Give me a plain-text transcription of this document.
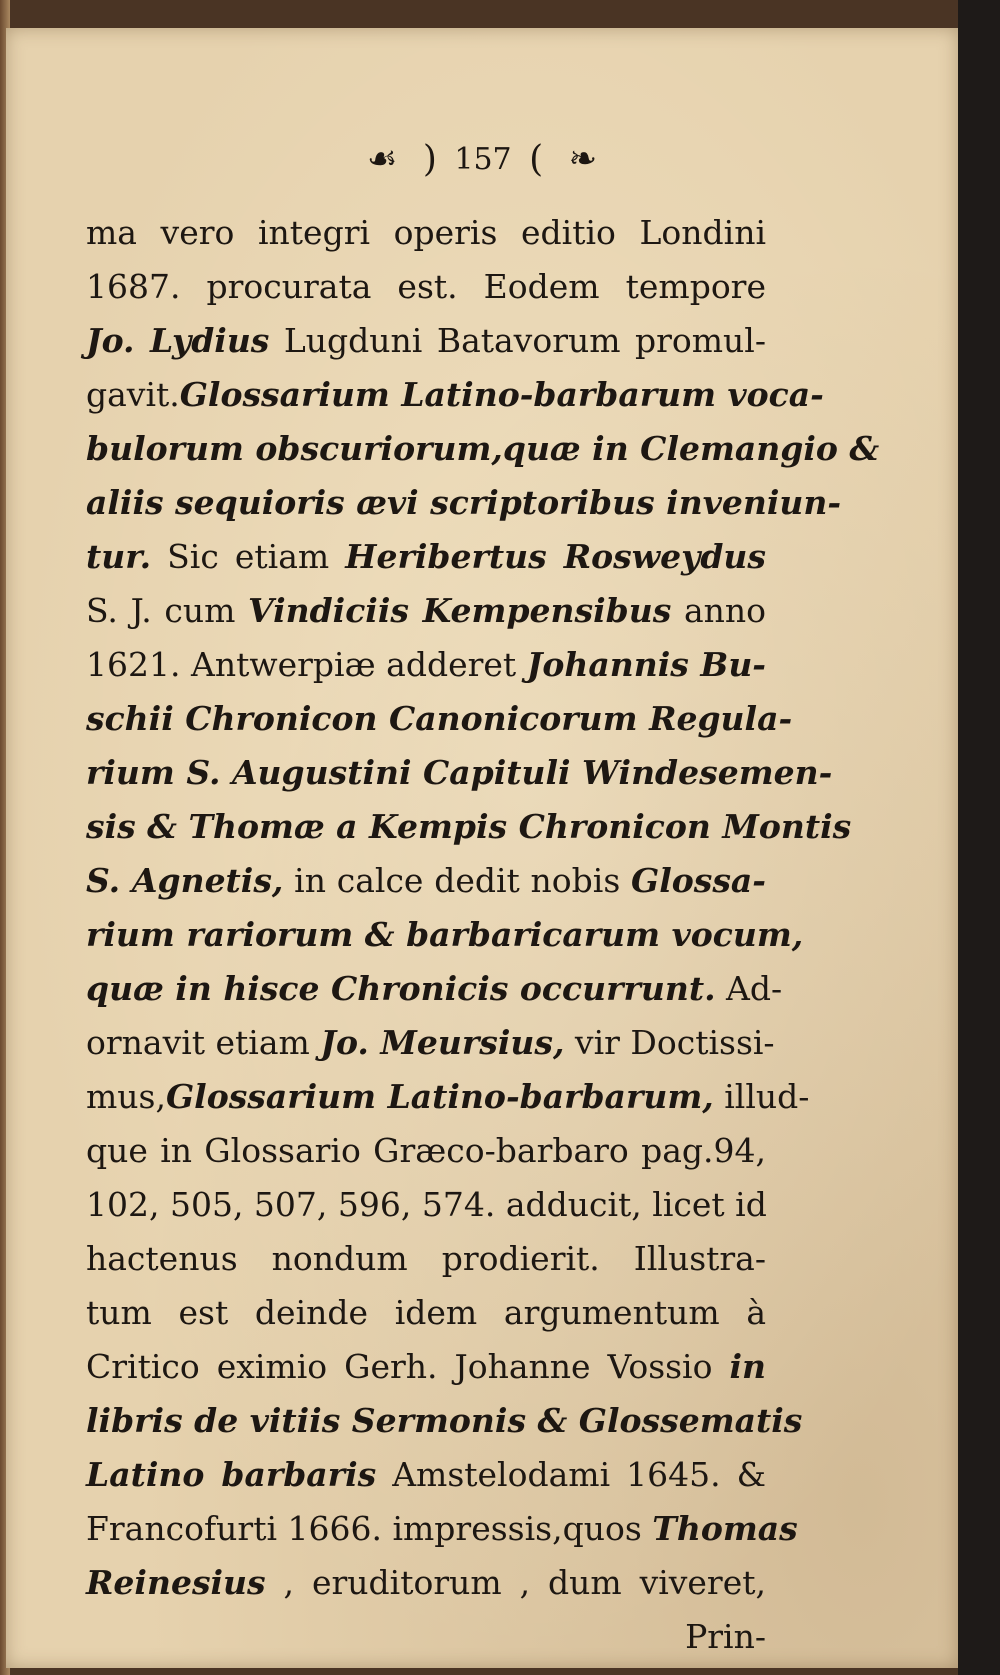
☙ ) 157 ( ❧
ma vero integri operis editio Londini
1687. procurata est. Eodem tempore
Jo. Lydius Lugduni Batavorum promul-
gavit.Glossarium Latino-barbarum voca-
bulorum obscuriorum,quæ in Clemangio &
aliis sequioris ævi scriptoribus inveniun-
tur. Sic etiam Heribertus Rosweydus
S. J. cum Vindiciis Kempensibus anno
1621. Antwerpiæ adderet Johannis Bu-
schii Chronicon Canonicorum Regula-
rium S. Augustini Capituli Windesemen-
sis & Thomæ a Kempis Chronicon Montis
S. Agnetis, in calce dedit nobis Glossa-
rium rariorum & barbaricarum vocum,
quæ in hisce Chronicis occurrunt. Ad-
ornavit etiam Jo. Meursius, vir Doctissi-
mus,Glossarium Latino-barbarum, illud-
que in Glossario Græco-barbaro pag.94,
102, 505, 507, 596, 574. adducit, licet id
hactenus nondum prodierit. Illustra-
tum est deinde idem argumentum à
Critico eximio Gerh. Johanne Vossio in
libris de vitiis Sermonis & Glossematis
Latino barbaris Amstelodami 1645. &
Francofurti 1666. impressis,quos Thomas
Reinesius , eruditorum , dum viveret,
Prin-
